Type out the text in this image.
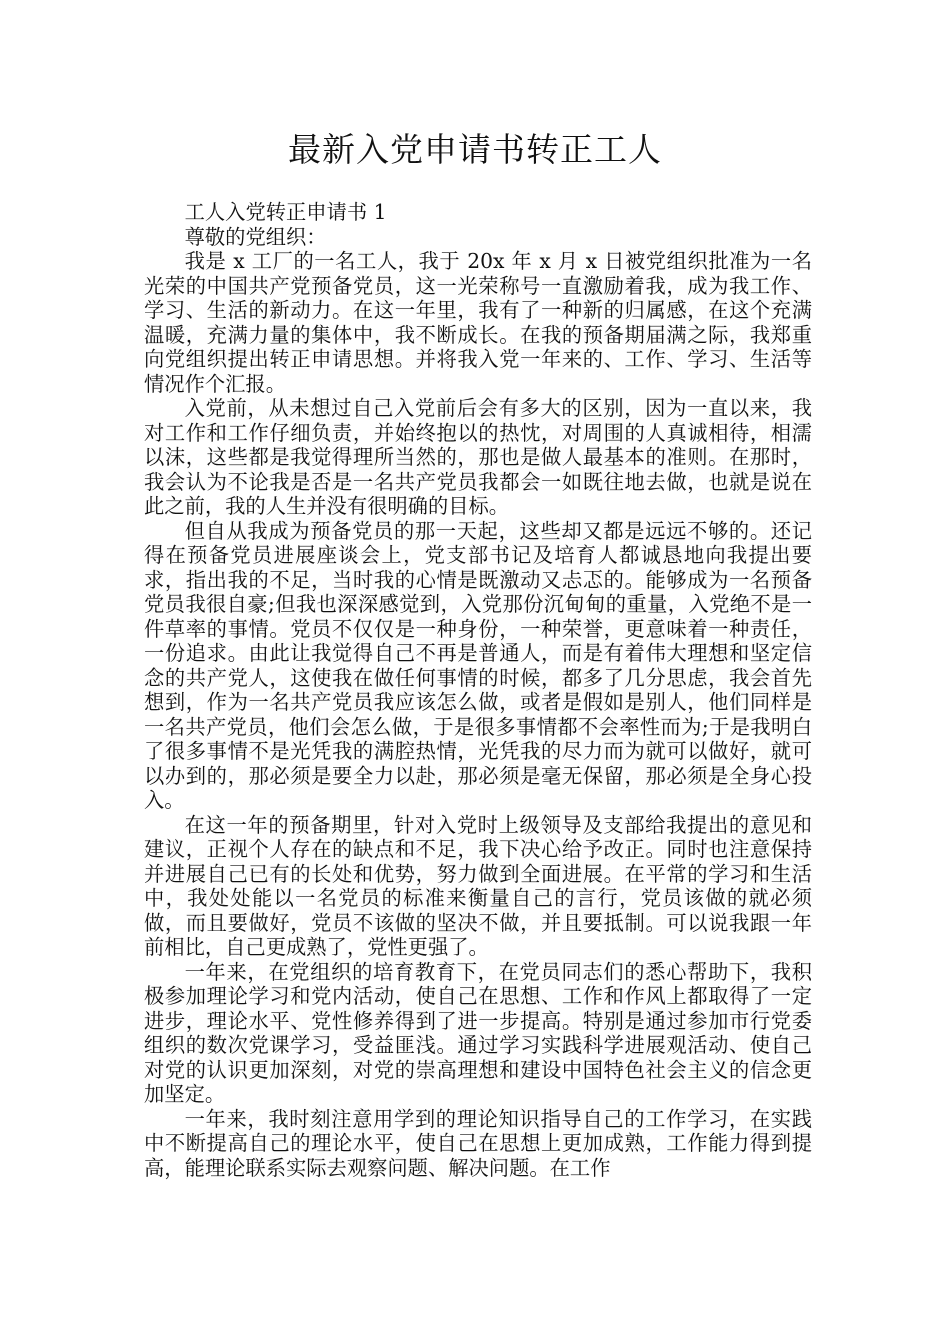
最新入党申请书转正工人

工人入党转正申请书 1

尊敬的党组织：

我是 x 工厂的一名工人，我于 20x 年 x 月 x 日被党组织批准为一名光荣的中国共产党预备党员，这一光荣称号一直激励着我，成为我工作、学习、生活的新动力。在这一年里，我有了一种新的归属感，在这个充满温暖，充满力量的集体中，我不断成长。在我的预备期届满之际，我郑重向党组织提出转正申请思想。并将我入党一年来的、工作、学习、生活等情况作个汇报。

入党前，从未想过自己入党前后会有多大的区别，因为一直以来，我对工作和工作仔细负责，并始终抱以的热忱，对周围的人真诚相待，相濡以沫，这些都是我觉得理所当然的，那也是做人最基本的准则。在那时，我会认为不论我是否是一名共产党员我都会一如既往地去做，也就是说在此之前，我的人生并没有很明确的目标。

但自从我成为预备党员的那一天起，这些却又都是远远不够的。还记得在预备党员进展座谈会上，党支部书记及培育人都诚恳地向我提出要求，指出我的不足，当时我的心情是既激动又忐忑的。能够成为一名预备党员我很自豪;但我也深深感觉到，入党那份沉甸甸的重量，入党绝不是一件草率的事情。党员不仅仅是一种身份，一种荣誉，更意味着一种责任，一份追求。由此让我觉得自己不再是普通人，而是有着伟大理想和坚定信念的共产党人，这使我在做任何事情的时候，都多了几分思虑，我会首先想到，作为一名共产党员我应该怎么做，或者是假如是别人，他们同样是一名共产党员，他们会怎么做，于是很多事情都不会率性而为;于是我明白了很多事情不是光凭我的满腔热情，光凭我的尽力而为就可以做好，就可以办到的，那必须是要全力以赴，那必须是毫无保留，那必须是全身心投入。

在这一年的预备期里，针对入党时上级领导及支部给我提出的意见和建议，正视个人存在的缺点和不足，我下决心给予改正。同时也注意保持并进展自己已有的长处和优势，努力做到全面进展。在平常的学习和生活中，我处处能以一名党员的标准来衡量自己的言行，党员该做的就必须做，而且要做好，党员不该做的坚决不做，并且要抵制。可以说我跟一年前相比，自己更成熟了，党性更强了。

一年来，在党组织的培育教育下，在党员同志们的悉心帮助下，我积极参加理论学习和党内活动，使自己在思想、工作和作风上都取得了一定进步，理论水平、党性修养得到了进一步提高。特别是通过参加市行党委组织的数次党课学习，受益匪浅。通过学习实践科学进展观活动、使自己对党的认识更加深刻，对党的崇高理想和建设中国特色社会主义的信念更加坚定。

一年来，我时刻注意用学到的理论知识指导自己的工作学习，在实践中不断提高自己的理论水平，使自己在思想上更加成熟，工作能力得到提高，能理论联系实际去观察问题、解决问题。在工作
